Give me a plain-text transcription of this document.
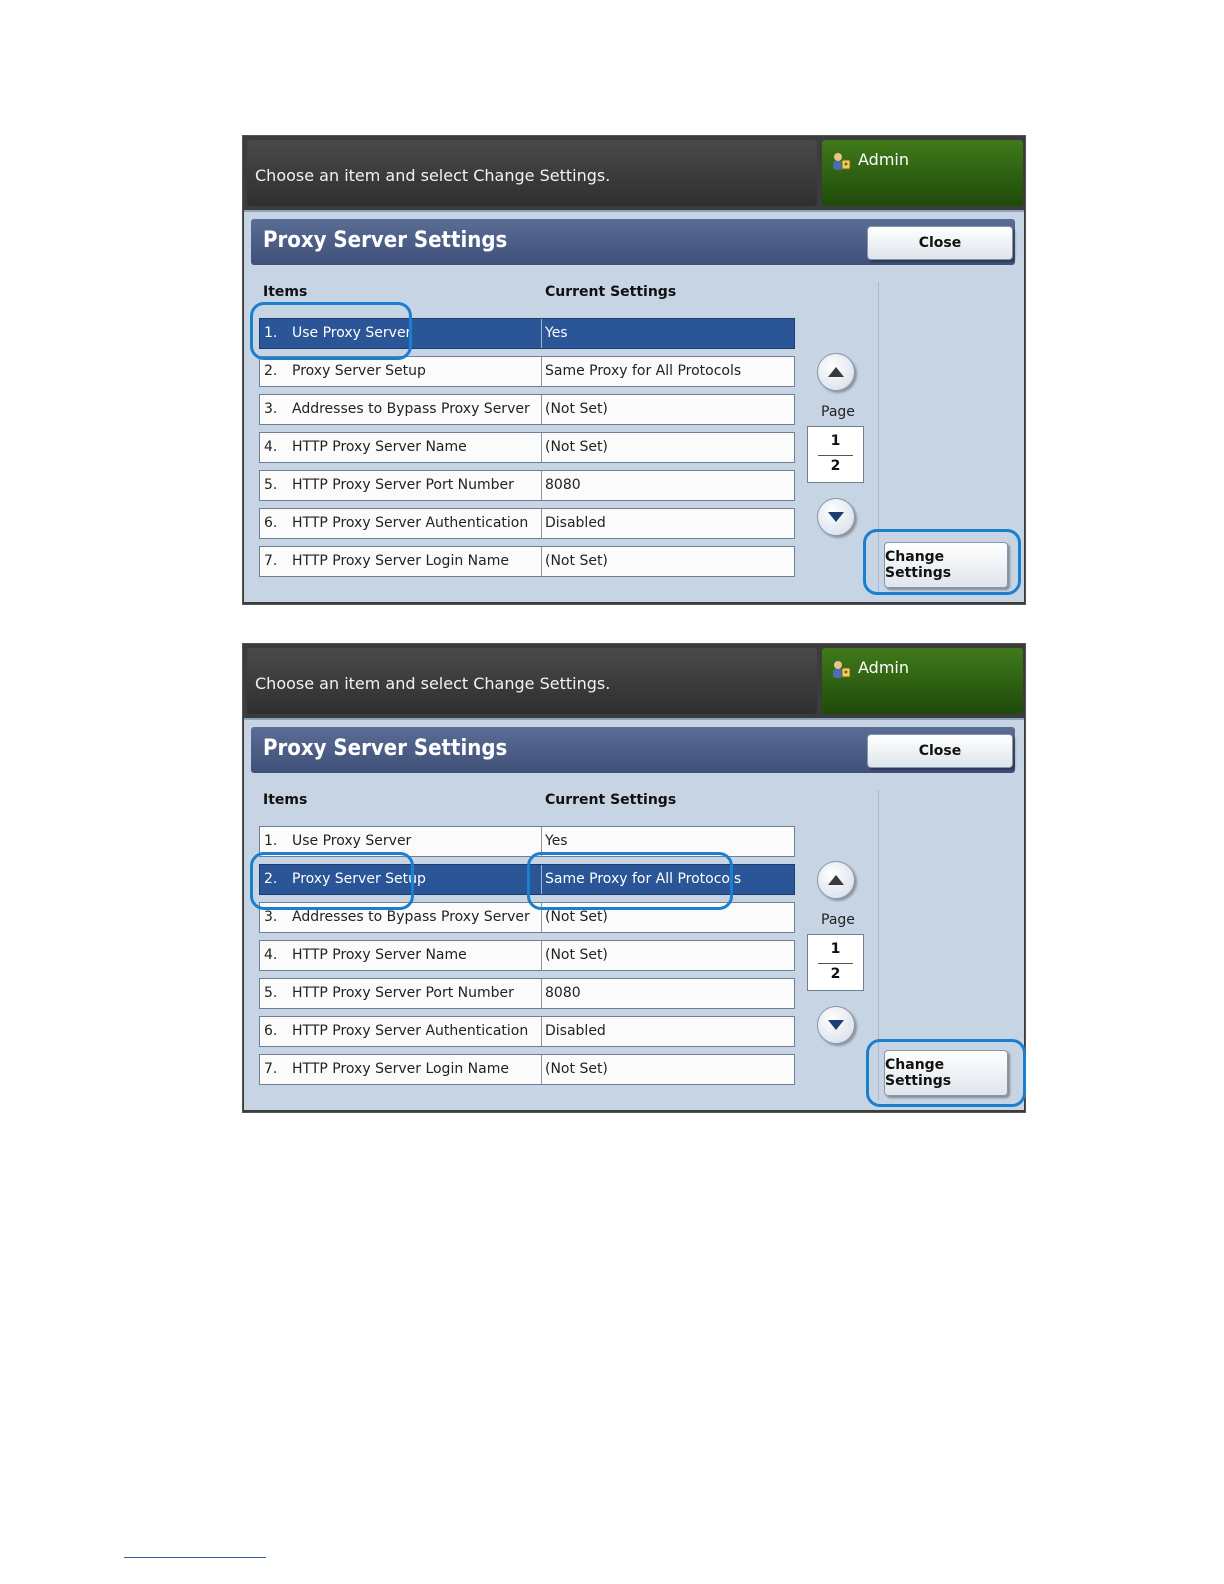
Choose an item and select Change Settings.
Admin
Proxy Server Settings	Close
Items	Current Settings
1. Use Proxy Server	Yes
2. Proxy Server Setup	Same Proxy for All Protocols
3. Addresses to Bypass Proxy Server (Not Set)
4. HTTP Proxy Server Name	(Not Set)
5. HTTP Proxy Server Port Number 8080
6. HTTP Proxy Server Authentication Disabled
7. HTTP Proxy Server Login Name	(Not Set)
Page
1
2
Change Settings
Choose an item and select Change Settings.
Admin
Proxy Server Settings	Close
Items	Current Settings
1. Use Proxy Server	Yes
2. Proxy Server Setup	Same Proxy for All Protocols
3. Addresses to Bypass Proxy Server (Not Set)
4. HTTP Proxy Server Name	(Not Set)
5. HTTP Proxy Server Port Number 8080
6. HTTP Proxy Server Authentication Disabled
7. HTTP Proxy Server Login Name	(Not Set)
Page
1
2
Change Settings
